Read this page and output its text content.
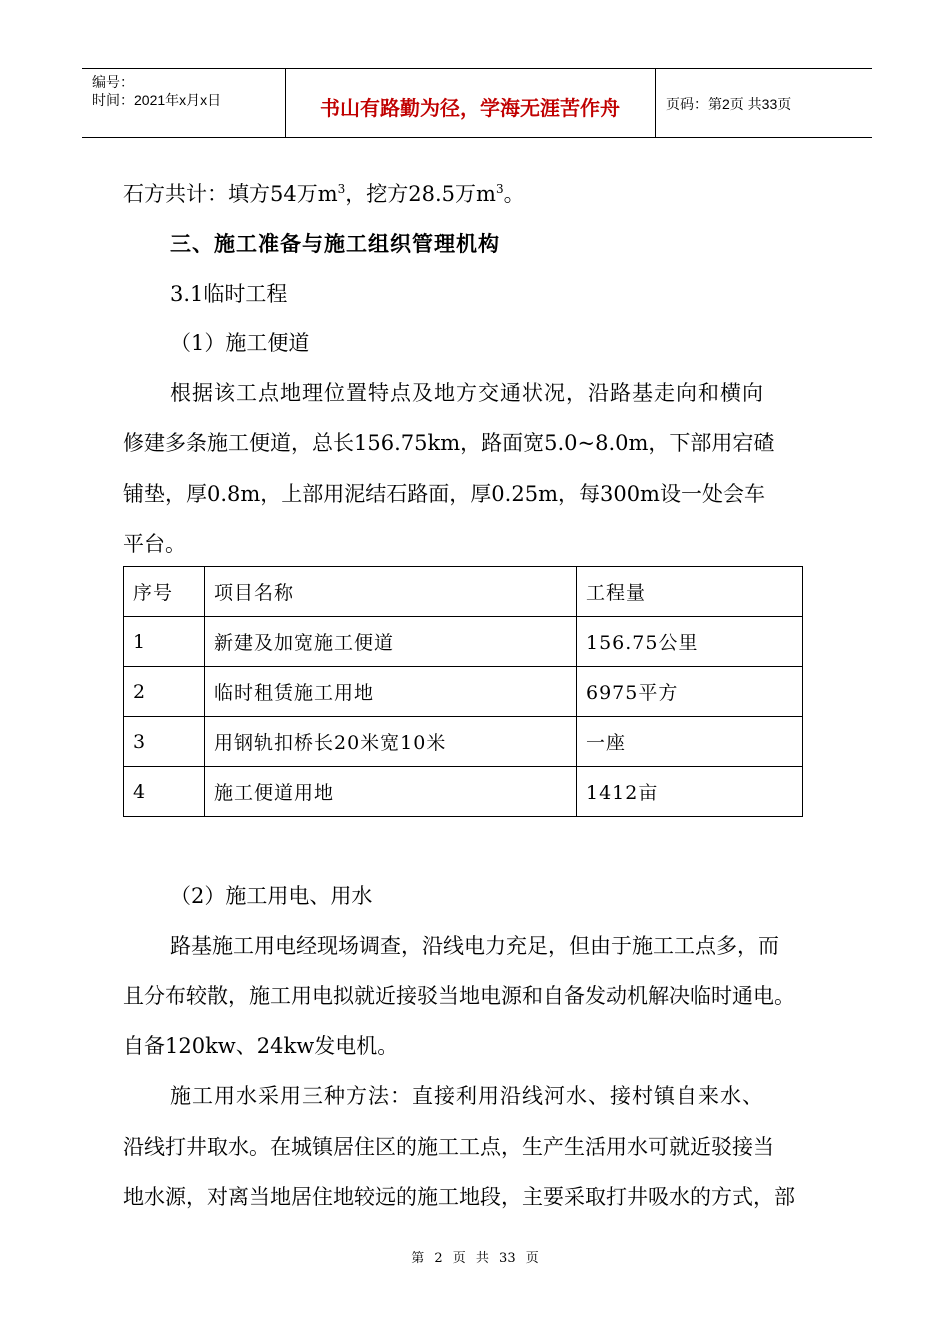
编号：
时间：2021年x月x日	书山有路勤为径，学海无涯苦作舟	页码：第2页 共33页
石方共计：填方54万$m^3$，挖方28.5万$m^3$。
三、施工准备与施工组织管理机构
3.1临时工程
（1）施工便道
根据该工点地理位置特点及地方交通状况，沿路基走向和横向
修建多条施工便道，总长156.75km，路面宽5.0~8.0m，下部用宕碴
铺垫，厚0.8m，上部用泥结石路面，厚0.25m，每300m设一处会车
平台。
序号	项目名称	工程量
1	新建及加宽施工便道	156.75公里
2	临时租赁施工用地	6975平方
3	用钢轨扣桥长20米宽10米	一座
4	施工便道用地	1412亩
（2）施工用电、用水
路基施工用电经现场调查，沿线电力充足，但由于施工工点多，而
且分布较散，施工用电拟就近接驳当地电源和自备发动机解决临时通电。
自备120kw、24kw发电机。
施工用水采用三种方法：直接利用沿线河水、接村镇自来水、
沿线打井取水。在城镇居住区的施工工点，生产生活用水可就近驳接当
地水源，对离当地居住地较远的施工地段，主要采取打井吸水的方式，部
第 2 页 共 33 页
